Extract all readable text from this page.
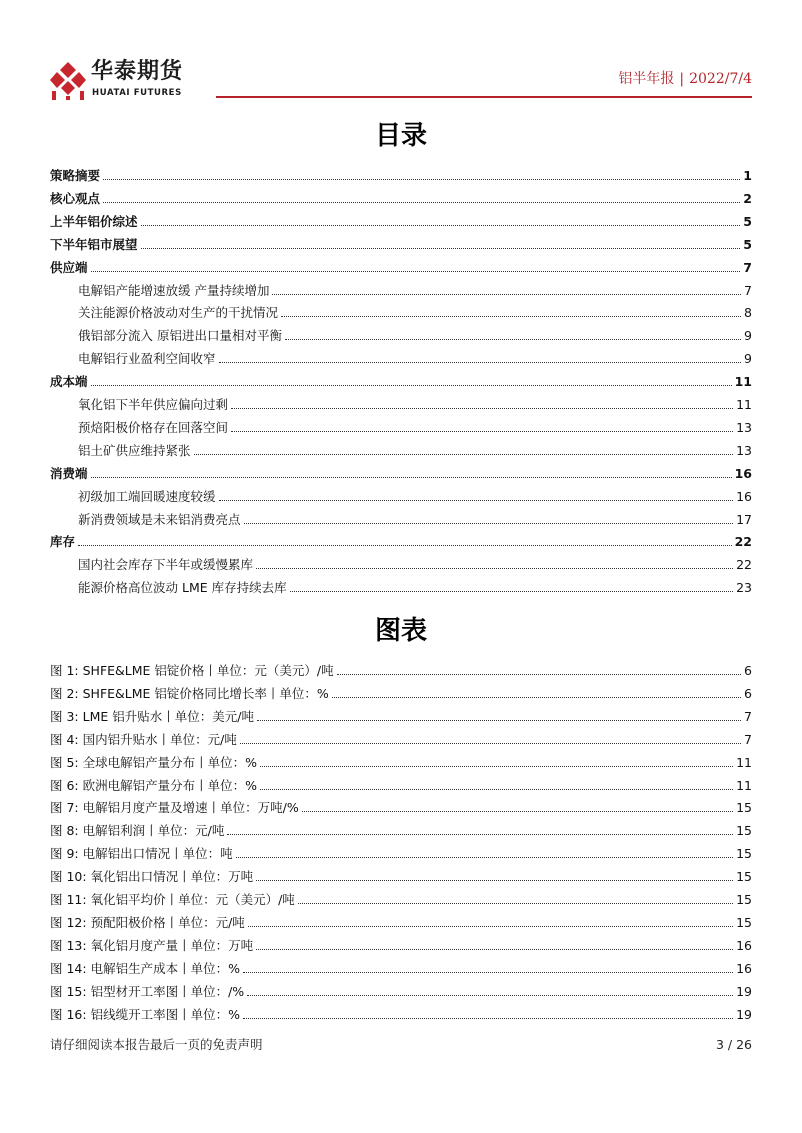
华泰期货
HUATAI FUTURES
铝半年报 | 2022/7/4
目录
策略摘要	1
核心观点	2
上半年铝价综述	5
下半年铝市展望	5
供应端	7
电解铝产能增速放缓 产量持续增加	7
关注能源价格波动对生产的干扰情况	8
俄铝部分流入 原铝进出口量相对平衡	9
电解铝行业盈利空间收窄	9
成本端	11
氧化铝下半年供应偏向过剩	11
预焙阳极价格存在回落空间	13
铝土矿供应维持紧张	13
消费端	16
初级加工端回暖速度较缓	16
新消费领域是未来铝消费亮点	17
库存	22
国内社会库存下半年或缓慢累库	22
能源价格高位波动 LME 库存持续去库	23
图表
图 1: SHFE&LME 铝锭价格丨单位：元（美元）/吨	6
图 2: SHFE&LME 铝锭价格同比增长率丨单位：%	6
图 3: LME 铝升贴水丨单位：美元/吨	7
图 4: 国内铝升贴水丨单位：元/吨	7
图 5: 全球电解铝产量分布丨单位：%	11
图 6: 欧洲电解铝产量分布丨单位：%	11
图 7: 电解铝月度产量及增速丨单位：万吨/%	15
图 8: 电解铝利润丨单位：元/吨	15
图 9: 电解铝出口情况丨单位：吨	15
图 10: 氧化铝出口情况丨单位：万吨	15
图 11: 氧化铝平均价丨单位：元（美元）/吨	15
图 12: 预配阳极价格丨单位：元/吨	15
图 13: 氧化铝月度产量丨单位：万吨	16
图 14: 电解铝生产成本丨单位：%	16
图 15: 铝型材开工率图丨单位：/%	19
图 16: 铝线缆开工率图丨单位：%	19
请仔细阅读本报告最后一页的免责声明	3 / 26
